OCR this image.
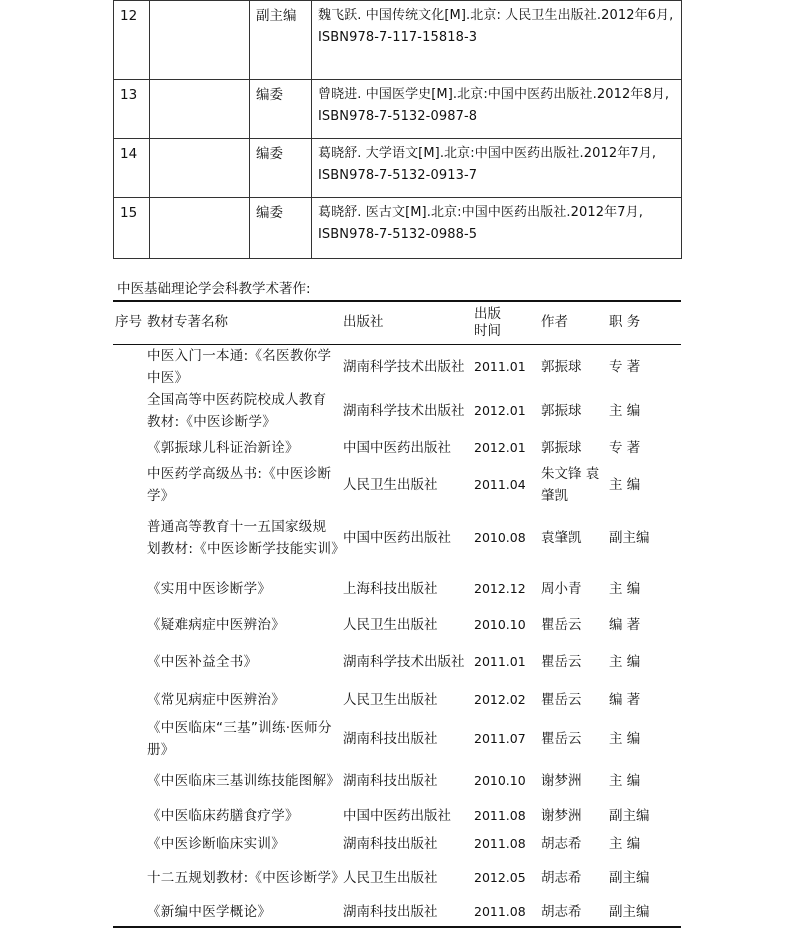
12		副主编	魏飞跃. 中国传统文化[M].北京: 人民卫生出版社.2012年6月, ISBN978-7-117-15818-3
13		编委	曾晓进. 中国医学史[M].北京:中国中医药出版社.2012年8月, ISBN978-7-5132-0987-8
14		编委	葛晓舒. 大学语文[M].北京:中国中医药出版社.2012年7月, ISBN978-7-5132-0913-7
15		编委	葛晓舒. 医古文[M].北京:中国中医药出版社.2012年7月, ISBN978-7-5132-0988-5
中医基础理论学会科教学术著作:
序号	教材专著名称	出版社	出版时间	作者	职 务
	中医入门一本通:《名医教你学中医》	湖南科学技术出版社	2011.01	郭振球	专 著
	全国高等中医药院校成人教育教材:《中医诊断学》	湖南科学技术出版社	2012.01	郭振球	主 编
	《郭振球儿科证治新诠》	中国中医药出版社	2012.01	郭振球	专 著
	中医药学高级丛书:《中医诊断学》	人民卫生出版社	2011.04	朱文锋 袁肇凯	主 编
	普通高等教育十一五国家级规划教材:《中医诊断学技能实训》	中国中医药出版社	2010.08	袁肇凯	副主编
	《实用中医诊断学》	上海科技出版社	2012.12	周小青	主 编
	《疑难病症中医辨治》	人民卫生出版社	2010.10	瞿岳云	编 著
	《中医补益全书》	湖南科学技术出版社	2011.01	瞿岳云	主 编
	《常见病症中医辨治》	人民卫生出版社	2012.02	瞿岳云	编 著
	《中医临床“三基”训练·医师分册》	湖南科技出版社	2011.07	瞿岳云	主 编
	《中医临床三基训练技能图解》	湖南科技出版社	2010.10	谢梦洲	主 编
	《中医临床药膳食疗学》	中国中医药出版社	2011.08	谢梦洲	副主编
	《中医诊断临床实训》	湖南科技出版社	2011.08	胡志希	主 编
	十二五规划教材:《中医诊断学》	人民卫生出版社	2012.05	胡志希	副主编
	《新编中医学概论》	湖南科技出版社	2011.08	胡志希	副主编
